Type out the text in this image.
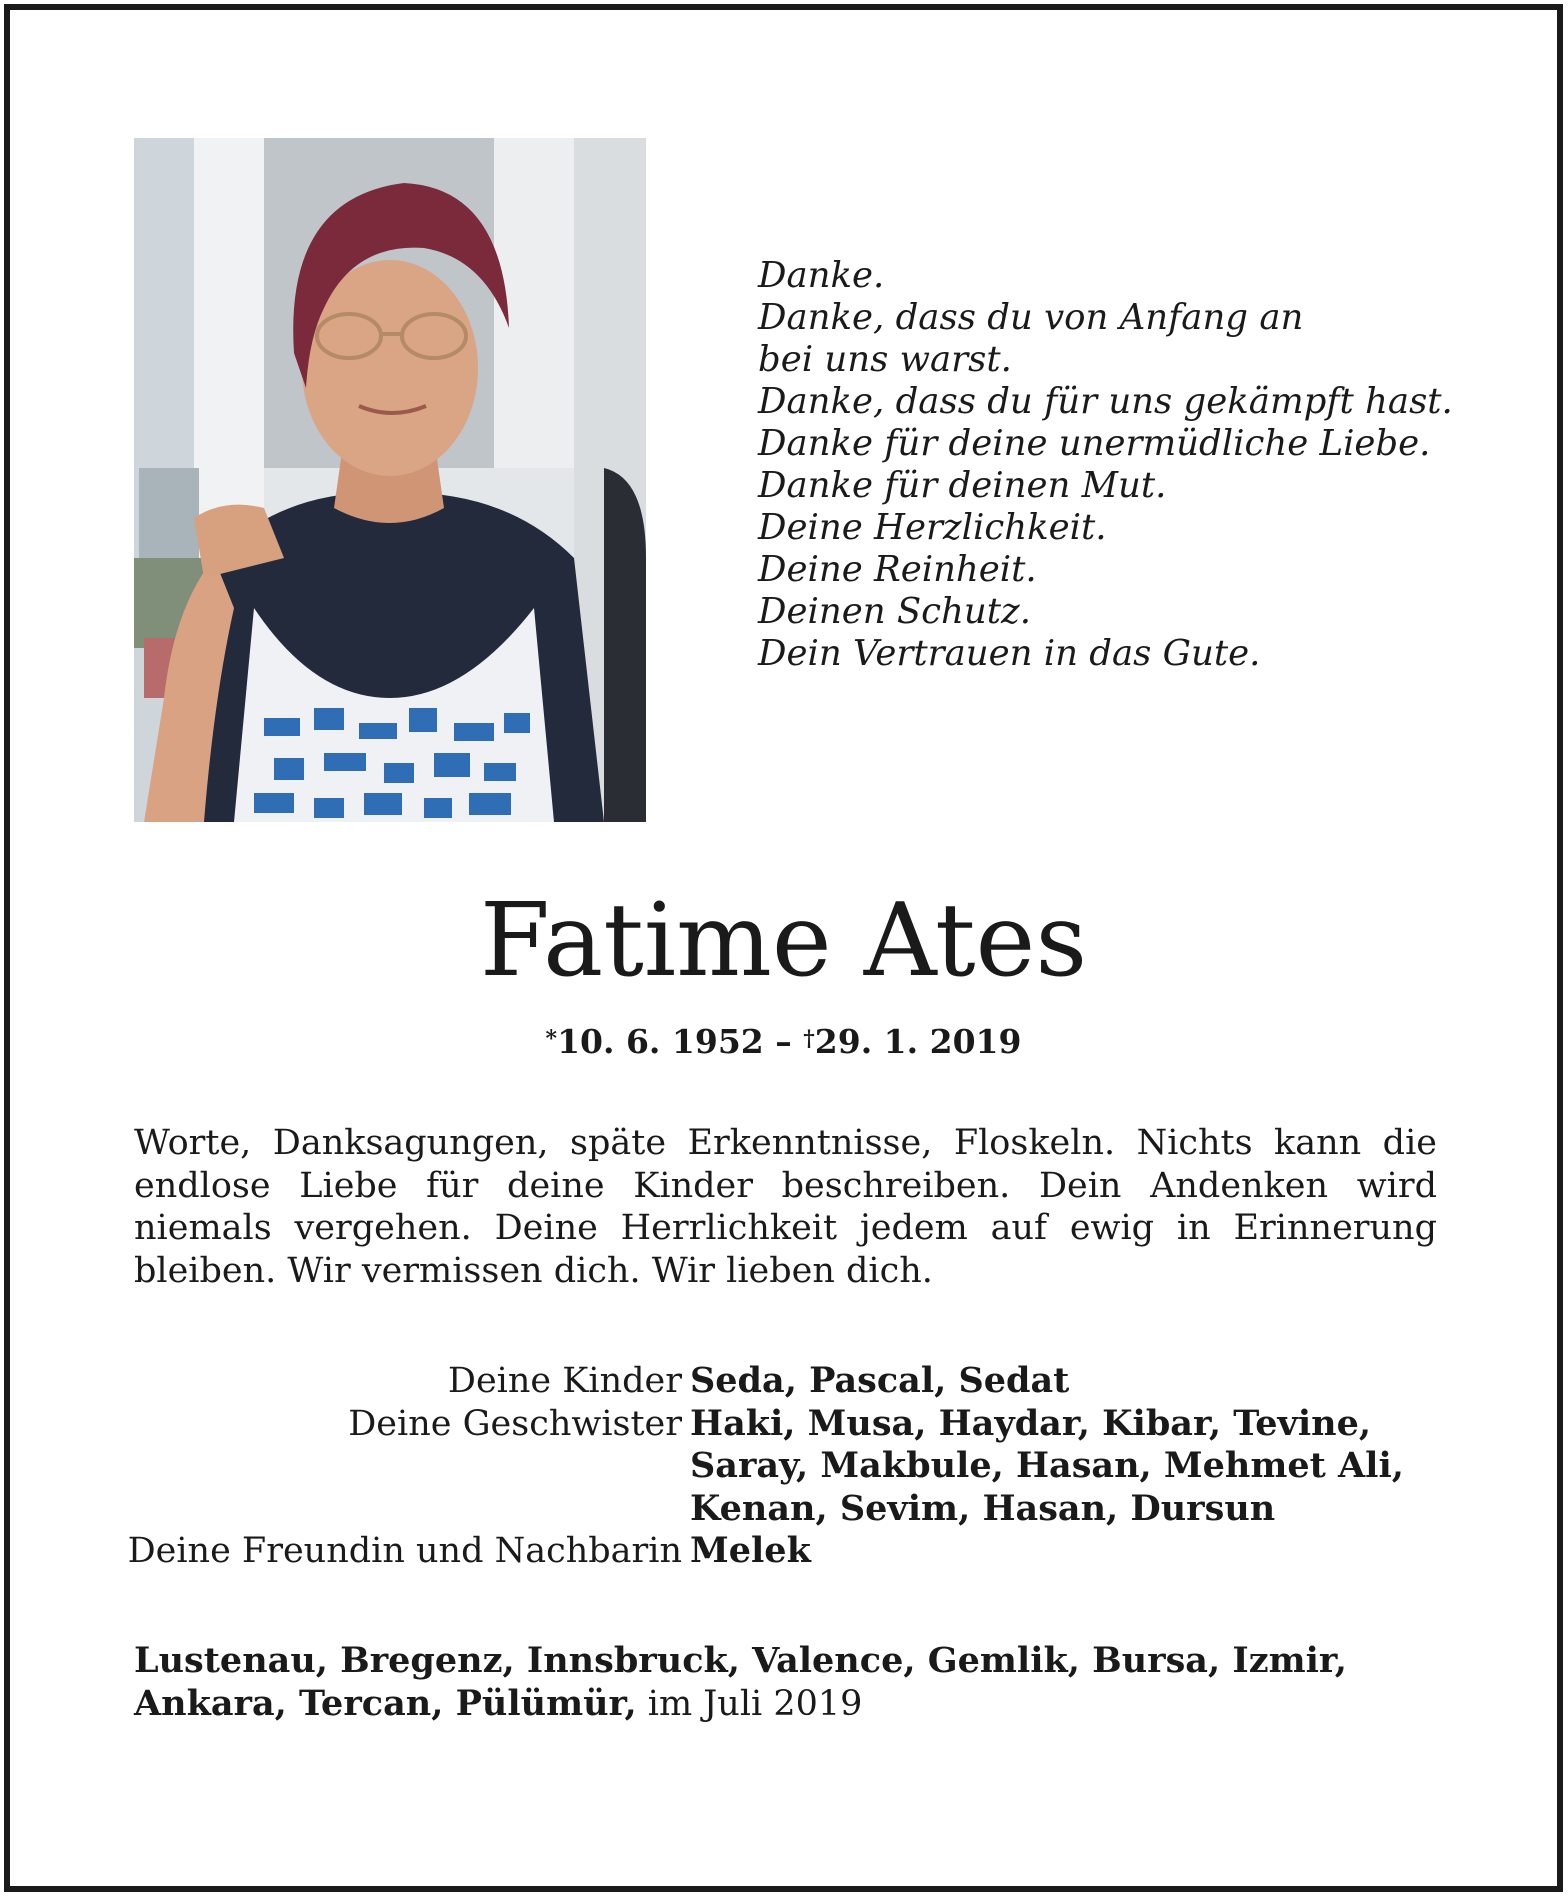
Danke.
Danke, dass du von Anfang an
bei uns warst.
Danke, dass du für uns gekämpft hast.
Danke für deine unermüdliche Liebe.
Danke für deinen Mut.
Deine Herzlichkeit.
Deine Reinheit.
Deinen Schutz.
Dein Vertrauen in das Gute.
Fatime Ates
*10. 6. 1952 – †29. 1. 2019
Worte, Danksagungen, späte Erkenntnisse, Floskeln. Nichts kann die endlose Liebe für deine Kinder beschreiben. Dein Andenken wird niemals vergehen. Deine Herrlichkeit jedem auf ewig in Erinnerung bleiben. Wir vermissen dich. Wir lieben dich.
Deine Kinder Seda, Pascal, Sedat
Deine Geschwister Haki, Musa, Haydar, Kibar, Tevine,
Saray, Makbule, Hasan, Mehmet Ali,
Kenan, Sevim, Hasan, Dursun
Deine Freundin und Nachbarin Melek
Lustenau, Bregenz, Innsbruck, Valence, Gemlik, Bursa, Izmir,
Ankara, Tercan, Pülümür, im Juli 2019
